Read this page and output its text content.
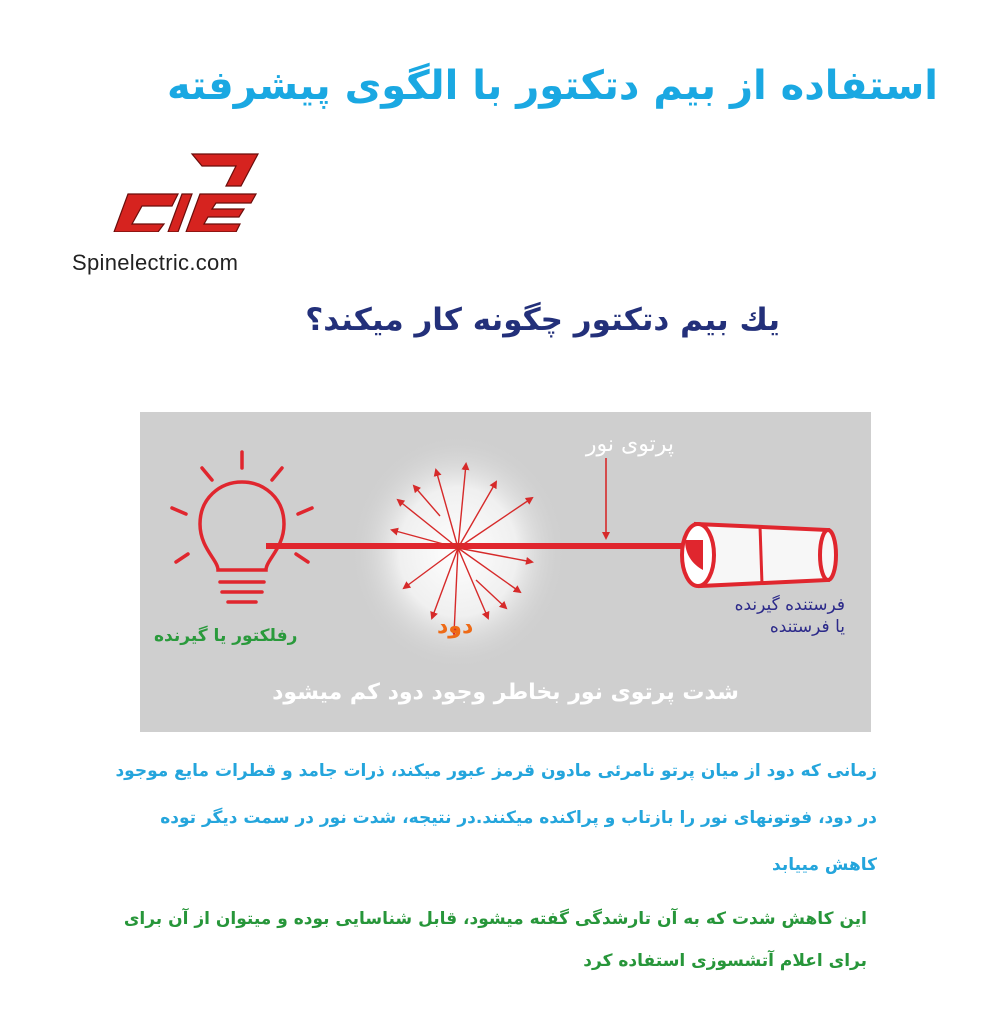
استفاده از بیم دتکتور با الگوی پیشرفته
Spinelectric.com
يك بيم دتكتور چگونه كار ميكند؟
پرتوی نور
فرستنده گیرنده
یا فرستنده
رفلکتور یا گیرنده	دود
شدت پرتوی نور بخاطر وجود دود کم میشود
زمانی که دود از میان پرتو نامرئی مادون قرمز عبور میکند، ذرات جامد و قطرات مایع موجود
در دود، فوتونهای نور را بازتاب و پراکنده میکنند.در نتیجه، شدت نور در سمت دیگر توده
کاهش مییابد
این کاهش شدت که به آن تارشدگی گفته میشود، قابل شناسایی بوده و میتوان از آن برای
برای اعلام آتشسوزی استفاده کرد
